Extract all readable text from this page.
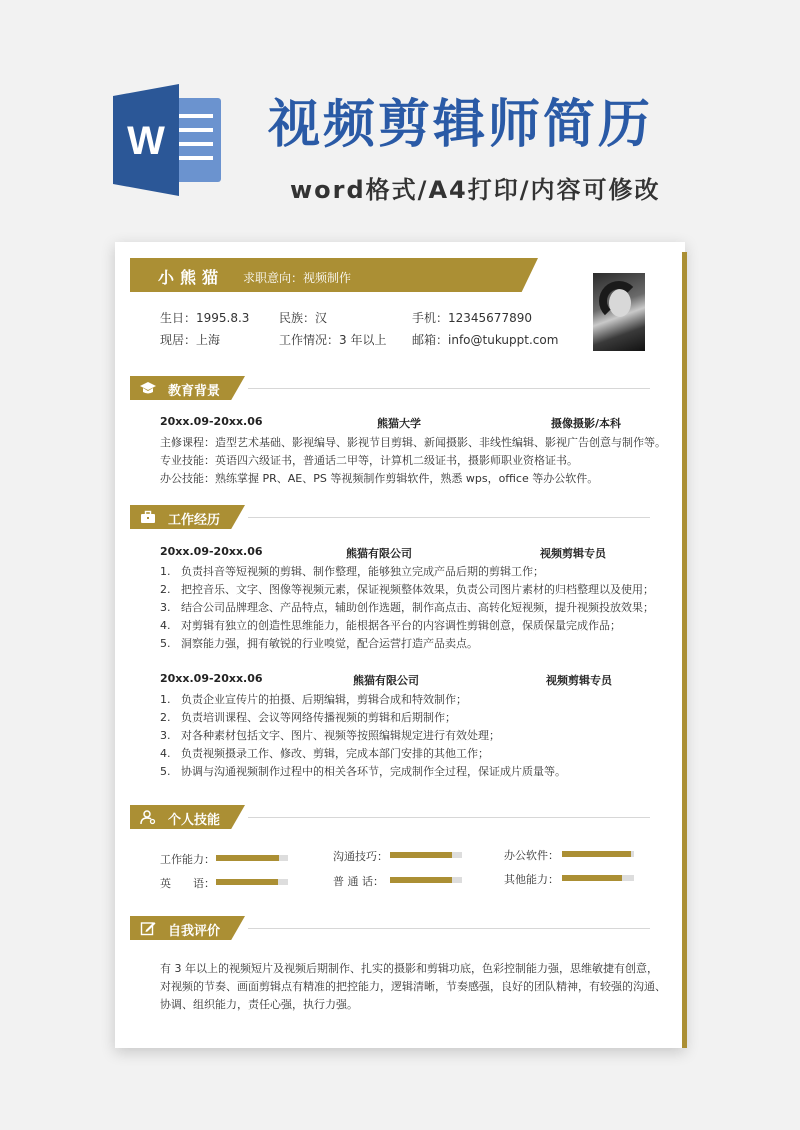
W 视频剪辑师简历
word格式/A4打印/内容可修改
小熊猫 求职意向：视频制作
生日：1995.8.3 民族：汉	手机：12345677890
现居：上海	工作情况：3 年以上 邮箱：info@tukuppt.com
教育背景
20xx.09-20xx.06	熊猫大学	摄像摄影/本科
主修课程：造型艺术基础、影视编导、影视节目剪辑、新闻摄影、非线性编辑、影视广告创意与制作等。
专业技能：英语四六级证书，普通话二甲等，计算机二级证书，摄影师职业资格证书。
办公技能：熟练掌握 PR、AE、PS 等视频制作剪辑软件，熟悉 wps，office 等办公软件。
工作经历
20xx.09-20xx.06	熊猫有限公司	视频剪辑专员
1. 负责抖音等短视频的剪辑、制作整理，能够独立完成产品后期的剪辑工作；
2. 把控音乐、文字、图像等视频元素，保证视频整体效果，负责公司图片素材的归档整理以及使用；
3. 结合公司品牌理念、产品特点，辅助创作选题，制作高点击、高转化短视频，提升视频投放效果；
4. 对剪辑有独立的创造性思维能力，能根据各平台的内容调性剪辑创意，保质保量完成作品；
5. 洞察能力强，拥有敏锐的行业嗅觉，配合运营打造产品卖点。
20xx.09-20xx.06	熊猫有限公司	视频剪辑专员
1. 负责企业宣传片的拍摄、后期编辑，剪辑合成和特效制作；
2. 负责培训课程、会议等网络传播视频的剪辑和后期制作；
3. 对各种素材包括文字、图片、视频等按照编辑规定进行有效处理；
4. 负责视频摄录工作、修改、剪辑，完成本部门安排的其他工作；
5. 协调与沟通视频制作过程中的相关各环节，完成制作全过程，保证成片质量等。
个人技能
工作能力：	沟通技巧：	办公软件：
英　　语：	普 通 话：	其他能力：
自我评价
有 3 年以上的视频短片及视频后期制作、扎实的摄影和剪辑功底，色彩控制能力强，思维敏捷有创意，
对视频的节奏、画面剪辑点有精准的把控能力，逻辑清晰，节奏感强，良好的团队精神，有较强的沟通、
协调、组织能力，责任心强，执行力强。
